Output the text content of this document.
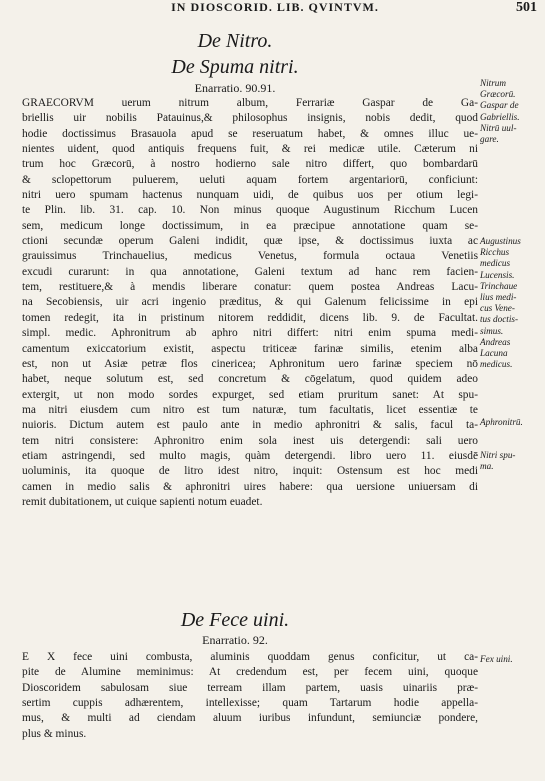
IN DIOSCORID. LIB. QVINTVM.	501
De Nitro.
De Spuma nitri.
Enarratio. 90.91.
GRAECORVM uerum nitrum album, Ferrariæ Gaspar de Ga-
briellis uir nobilis Patauinus,& philosophus insignis, nobis dedit, quod
hodie doctissimus Brasauola apud se reseruatum habet, & omnes illuc ue-
nientes uident, quod antiquis frequens fuit, & rei medicæ utile. Cæterum ni
trum hoc Græcorū, à nostro hodierno sale nitro differt, quo bombardarū
& sclopettorum puluerem, ueluti aquam fortem argentariorū, conficiunt:
nitri uero spumam hactenus nunquam uidi, de quibus uos per otium legi-
te Plin. lib. 31. cap. 10. Non minus quoque Augustinum Ricchum Lucen
sem, medicum longe doctissimum, in ea præcipue annotatione quam se-
ctioni secundæ operum Galeni indidit, quæ ipse, & doctissimus iuxta ac
grauissimus Trinchauelius, medicus Venetus, formula octaua Venetiis
excudi curarunt: in qua annotatione, Galeni textum ad hanc rem facien-
tem, restituere,& à mendis liberare conatur: quem postea Andreas Lacu-
na Secobiensis, uir acri ingenio præditus, & qui Galenum felicissime in epi
tomen redegit, ita in pristinum nitorem reddidit, dicens lib. 9. de Facultat.
simpl. medic. Aphronitrum ab aphro nitri differt: nitri enim spuma medi-
camentum exiccatorium existit, aspectu triticeæ farinæ similis, etenim alba
est, non ut Asiæ petræ flos cinericea; Aphronitum uero farinæ speciem nō
habet, neque solutum est, sed concretum & cōgelatum, quod quidem adeo
extergit, ut non modo sordes expurget, sed etiam pruritum sanet: At spu-
ma nitri eiusdem cum nitro est tum naturæ, tum facultatis, licet essentiæ te
nuioris. Dictum autem est paulo ante in medio aphronitri & salis, facul ta-
tem nitri consistere: Aphronitro enim sola inest uis detergendi: sali uero
etiam astringendi, sed multo magis, quàm detergendi. libro uero 11. eiusdē
uoluminis, ita quoque de litro idest nitro, inquit: Ostensum est hoc medi
camen in medio salis & aphronitri uires habere: qua uersione uniuersam di
remit dubitationem, ut cuique sapienti notum euadet.
De Fece uini.
Enarratio. 92.
E X fece uini combusta, aluminis quoddam genus conficitur, ut ca-
pite de Alumine meminimus: At credendum est, per fecem uini, quoque
Dioscoridem sabulosam siue terream illam partem, uasis uinariis præ-
sertim cuppis adhærentem, intellexisse; quam Tartarum hodie appella-
mus, & multi ad ciendam aluum iuribus infundunt, semiunciæ pondere,
plus & minus.
Nitrum
Græcorū.
Gaspar de
Gabriellis.
Nitrū uul-
gare.
Augustinus
Ricchus
medicus
Lucensis.
Trinchaue
lius medi-
cus Vene-
tus doctis-
simus.
Andreas
Lacuna
medicus.
Aphronitrū.
Nitri spu-
ma.
Fex uini.
